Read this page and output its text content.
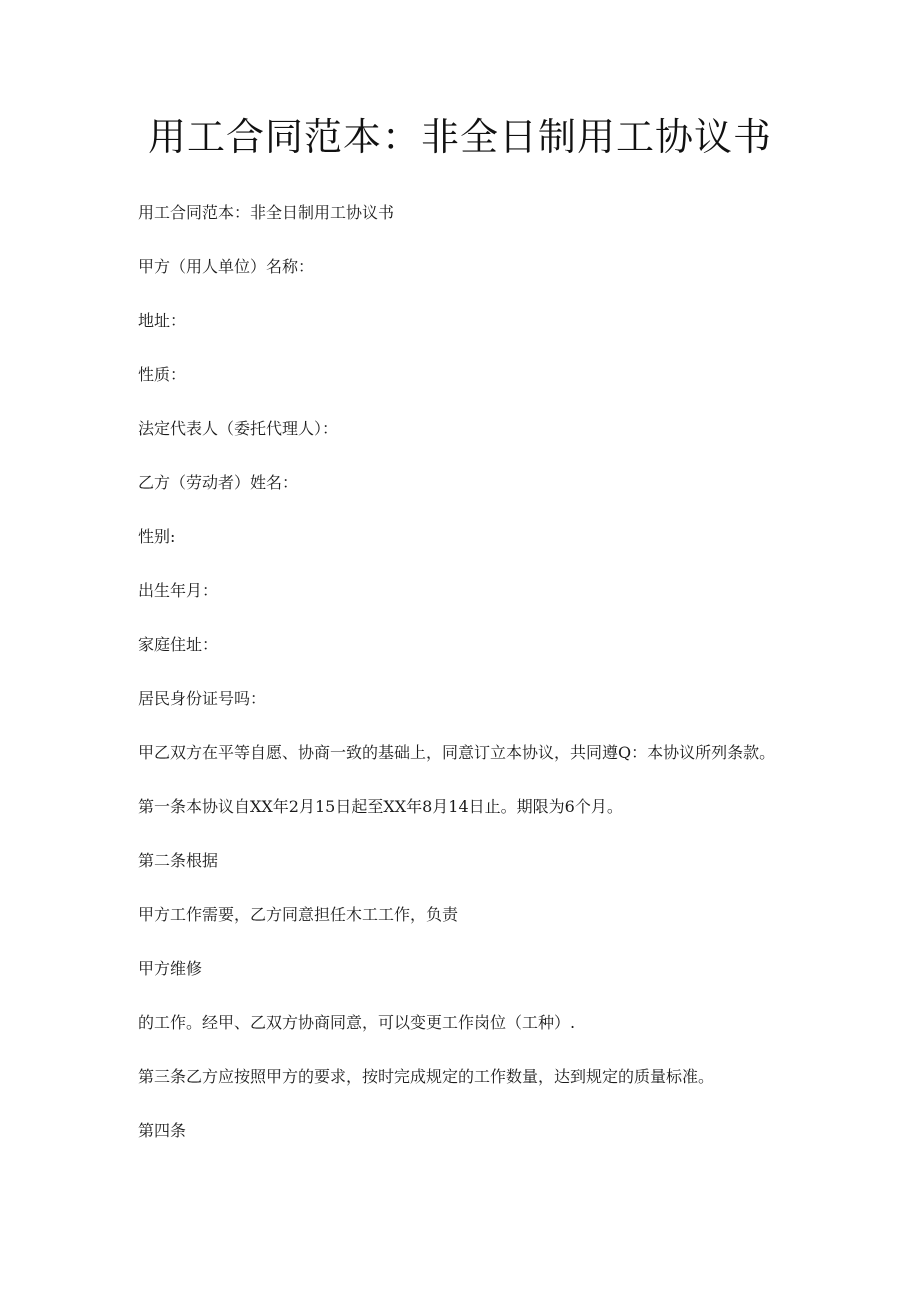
用工合同范本：非全日制用工协议书

用工合同范本：非全日制用工协议书

甲方（用人单位）名称：

地址：

性质：

法定代表人（委托代理人）：

乙方（劳动者）姓名：

性别:

出生年月：

家庭住址：

居民身份证号吗：

甲乙双方在平等自愿、协商一致的基础上，同意订立本协议，共同遵Q：本协议所列条款。

第一条本协议自XX年2月15日起至XX年8月14日止。期限为6个月。

第二条根据

甲方工作需要，乙方同意担任木工工作，负责

甲方维修

的工作。经甲、乙双方协商同意，可以变更工作岗位（工种）.

第三条乙方应按照甲方的要求，按时完成规定的工作数量，达到规定的质量标准。

第四条
